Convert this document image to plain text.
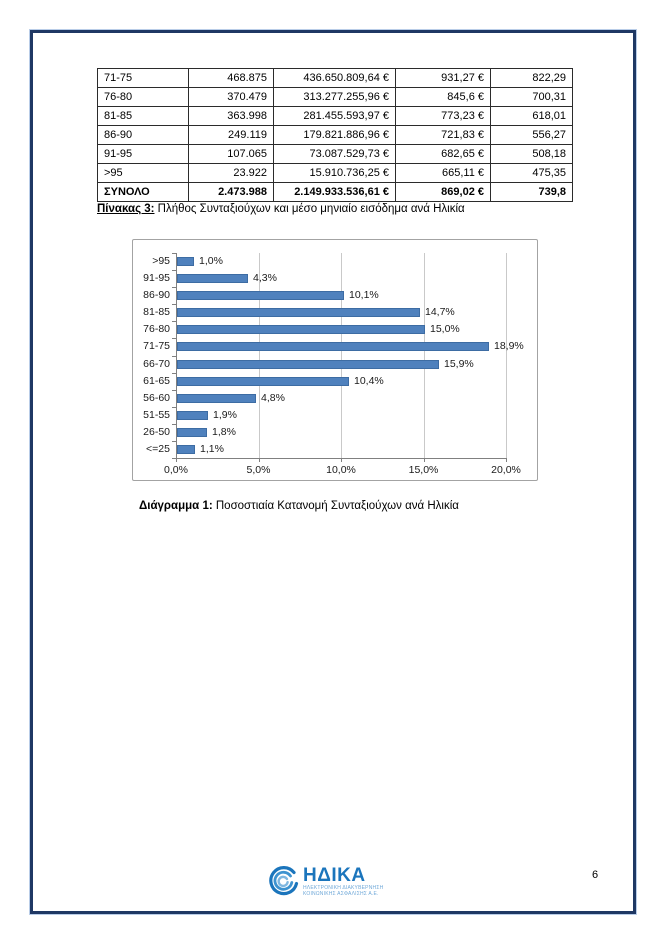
71-75	468.875	436.650.809,64 €	931,27 €	822,29
76-80	370.479	313.277.255,96 €	845,6 €	700,31
81-85	363.998	281.455.593,97 €	773,23 €	618,01
86-90	249.119	179.821.886,96 €	721,83 €	556,27
91-95	107.065	73.087.529,73 €	682,65 €	508,18
>95	23.922	15.910.736,25 €	665,11 €	475,35
ΣΥΝΟΛΟ	2.473.988	2.149.933.536,61 €	869,02 €	739,8

Πίνακας 3: Πλήθος Συνταξιούχων και μέσο μηνιαίο εισόδημα ανά Ηλικία

>95	1,0%
91-95	4,3%
86-90	10,1%
81-85	14,7%
76-80	15,0%
71-75	18,9%
66-70	15,9%
61-65	10,4%
56-60	4,8%
51-55	1,9%
26-50	1,8%
<=25	1,1%
0,0%	5,0%	10,0%	15,0%	20,0%

Διάγραμμα 1: Ποσοστιαία Κατανομή Συνταξιούχων ανά Ηλικία

ΗΔΙΚΑ
ΗΛΕΚΤΡΟΝΙΚΗ ΔΙΑΚΥΒΕΡΝΗΣΗ
ΚΟΙΝΩΝΙΚΗΣ ΑΣΦΑΛΙΣΗΣ Α.Ε.
6
